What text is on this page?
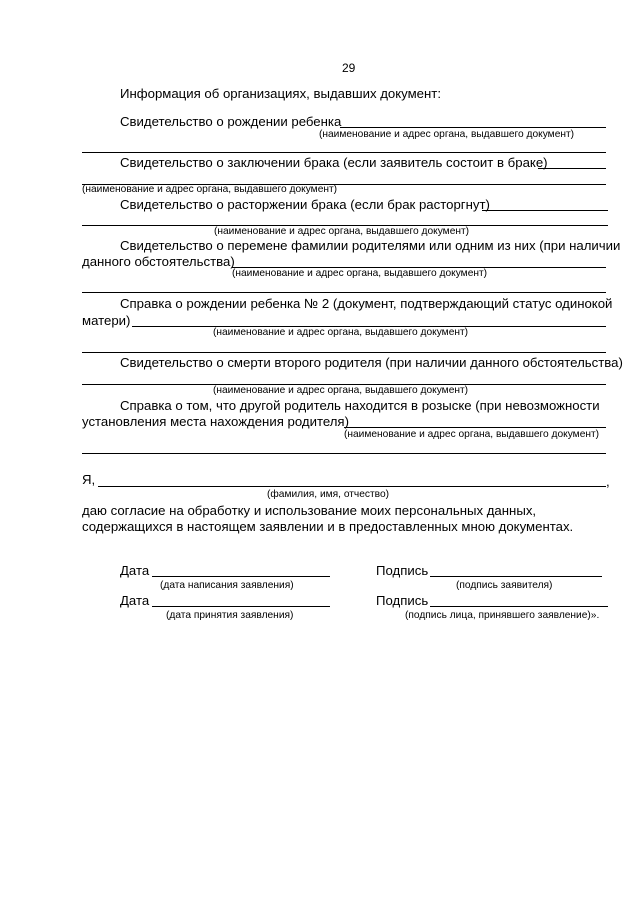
29
Информация об организациях, выдавших документ:
Свидетельство о рождении ребенка
(наименование и адрес органа, выдавшего документ)
Свидетельство о заключении брака (если заявитель состоит в браке)
(наименование и адрес органа, выдавшего документ)
Свидетельство о расторжении брака (если брак расторгнут)
(наименование и адрес органа, выдавшего документ)
Свидетельство о перемене фамилии родителями или одним из них (при наличии
данного обстоятельства)
(наименование и адрес органа, выдавшего документ)
Справка о рождении ребенка № 2 (документ, подтверждающий статус одинокой
матери)
(наименование и адрес органа, выдавшего документ)
Свидетельство о смерти второго родителя (при наличии данного обстоятельства)
(наименование и адрес органа, выдавшего документ)
Справка о том, что другой родитель находится в розыске (при невозможности
установления места нахождения родителя)
(наименование и адрес органа, выдавшего документ)
Я,	,
(фамилия, имя, отчество)
даю согласие на обработку и использование моих персональных данных,
содержащихся в настоящем заявлении и в предоставленных мною документах.
Дата
(дата написания заявления)
Подпись
(подпись заявителя)
Дата
(дата принятия заявления)
Подпись
(подпись лица, принявшего заявление)».
